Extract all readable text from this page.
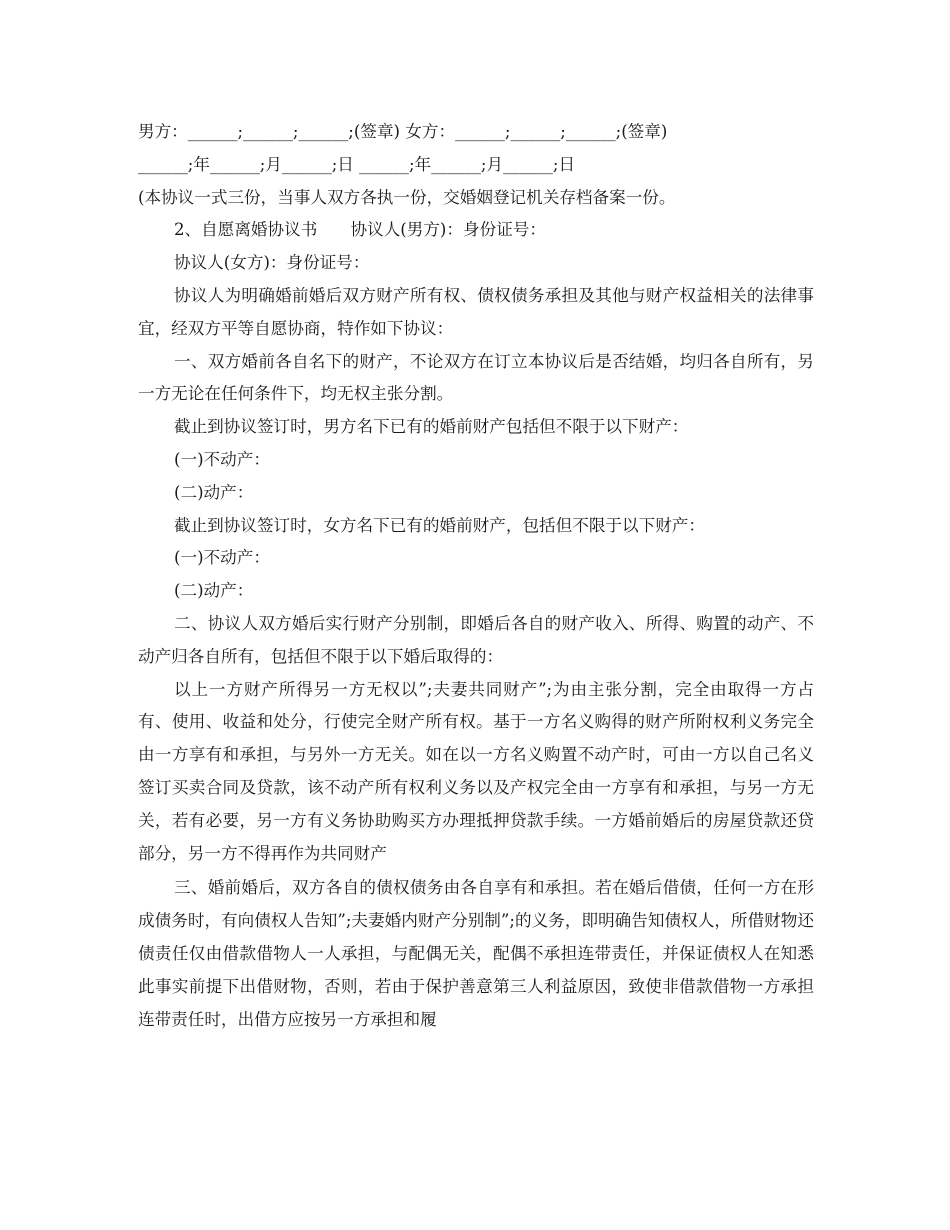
男方：______;______;______;(签章) 女方：______;______;______;(签章)
______;年______;月______;日 ______;年______;月______;日
(本协议一式三份，当事人双方各执一份，交婚姻登记机关存档备案一份。
2、自愿离婚协议书　　协议人(男方)：身份证号：
协议人(女方)：身份证号：
协议人为明确婚前婚后双方财产所有权、债权债务承担及其他与财产权益相关的法律事宜，经双方平等自愿协商，特作如下协议：
一、双方婚前各自名下的财产，不论双方在订立本协议后是否结婚，均归各自所有，另一方无论在任何条件下，均无权主张分割。
截止到协议签订时，男方名下已有的婚前财产包括但不限于以下财产：
(一)不动产：
(二)动产：
截止到协议签订时，女方名下已有的婚前财产，包括但不限于以下财产：
(一)不动产：
(二)动产：
二、协议人双方婚后实行财产分别制，即婚后各自的财产收入、所得、购置的动产、不动产归各自所有，包括但不限于以下婚后取得的：
以上一方财产所得另一方无权以”;夫妻共同财产”;为由主张分割，完全由取得一方占有、使用、收益和处分，行使完全财产所有权。基于一方名义购得的财产所附权利义务完全由一方享有和承担，与另外一方无关。如在以一方名义购置不动产时，可由一方以自己名义签订买卖合同及贷款，该不动产所有权利义务以及产权完全由一方享有和承担，与另一方无关，若有必要，另一方有义务协助购买方办理抵押贷款手续。一方婚前婚后的房屋贷款还贷部分，另一方不得再作为共同财产
三、婚前婚后，双方各自的债权债务由各自享有和承担。若在婚后借债，任何一方在形成债务时，有向债权人告知”;夫妻婚内财产分别制”;的义务，即明确告知债权人，所借财物还债责任仅由借款借物人一人承担，与配偶无关，配偶不承担连带责任，并保证债权人在知悉此事实前提下出借财物，否则，若由于保护善意第三人利益原因，致使非借款借物一方承担连带责任时，出借方应按另一方承担和履
